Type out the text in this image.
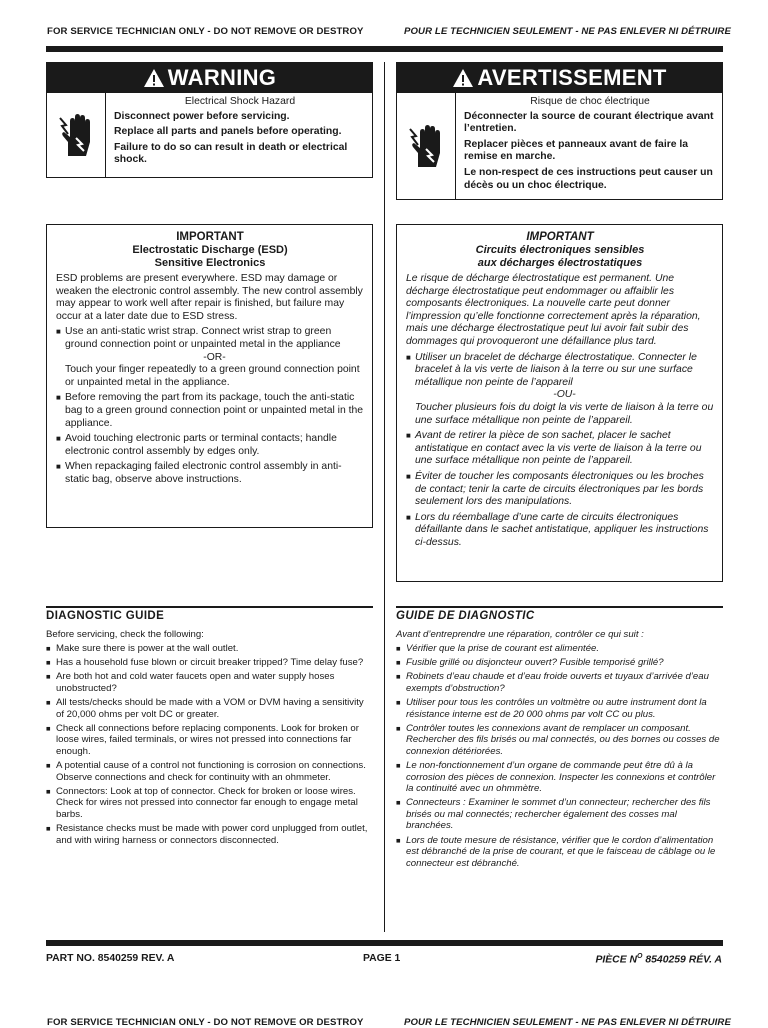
FOR SERVICE TECHNICIAN ONLY - DO NOT REMOVE OR DESTROY	POUR LE TECHNICIEN SEULEMENT - NE PAS ENLEVER NI DÉTRUIRE
WARNING
Electrical Shock Hazard

Disconnect power before servicing.

Replace all parts and panels before operating.

Failure to do so can result in death or electrical shock.

AVERTISSEMENT
Risque de choc électrique

Déconnecter la source de courant électrique avant l’entretien.

Replacer pièces et panneaux avant de faire la remise en marche.

Le non-respect de ces instructions peut causer un décès ou un choc électrique.

IMPORTANT
Electrostatic Discharge (ESD)
Sensitive Electronics

ESD problems are present everywhere. ESD may damage or weaken the electronic control assembly. The new control assembly may appear to work well after repair is finished, but failure may occur at a later date due to ESD stress.

■ Use an anti-static wrist strap. Connect wrist strap to green ground connection point or unpainted metal in the appliance
-OR-
Touch your finger repeatedly to a green ground connection point or unpainted metal in the appliance.
■ Before removing the part from its package, touch the anti-static bag to a green ground connection point or unpainted metal in the appliance.
■ Avoid touching electronic parts or terminal contacts; handle electronic control assembly by edges only.
■ When repackaging failed electronic control assembly in anti-static bag, observe above instructions.
IMPORTANT
Circuits électroniques sensibles
aux décharges électrostatiques

Le risque de décharge électrostatique est permanent. Une décharge électrostatique peut endommager ou affaiblir les composants électroniques. La nouvelle carte peut donner l’impression qu’elle fonctionne correctement après la réparation, mais une décharge électrostatique peut lui avoir fait subir des dommages qui provoqueront une défaillance plus tard.

■ Utiliser un bracelet de décharge électrostatique. Connecter le bracelet à la vis verte de liaison à la terre ou sur une surface métallique non peinte de l’appareil
-OU-
Toucher plusieurs fois du doigt la vis verte de liaison à la terre ou une surface métallique non peinte de l’appareil.
■ Avant de retirer la pièce de son sachet, placer le sachet antistatique en contact avec la vis verte de liaison à la terre ou une surface métallique non peinte de l’appareil.
■ Éviter de toucher les composants électroniques ou les broches de contact; tenir la carte de circuits électroniques par les bords seulement lors des manipulations.
■ Lors du réemballage d’une carte de circuits électroniques défaillante dans le sachet antistatique, appliquer les instructions ci-dessus.
DIAGNOSTIC GUIDE
Before servicing, check the following:
■ Make sure there is power at the wall outlet.
■ Has a household fuse blown or circuit breaker tripped? Time delay fuse?
■ Are both hot and cold water faucets open and water supply hoses unobstructed?
■ All tests/checks should be made with a VOM or DVM having a sensitivity of 20,000 ohms per volt DC or greater.
■ Check all connections before replacing components. Look for broken or loose wires, failed terminals, or wires not pressed into connections far enough.
■ A potential cause of a control not functioning is corrosion on connections. Observe connections and check for continuity with an ohmmeter.
■ Connectors: Look at top of connector. Check for broken or loose wires. Check for wires not pressed into connector far enough to engage metal barbs.
■ Resistance checks must be made with power cord unplugged from outlet, and with wiring harness or connectors disconnected.
GUIDE DE DIAGNOSTIC
Avant d’entreprendre une réparation, contrôler ce qui suit :
■ Vérifier que la prise de courant est alimentée.
■ Fusible grillé ou disjoncteur ouvert? Fusible temporisé grillé?
■ Robinets d’eau chaude et d’eau froide ouverts et tuyaux d’arrivée d’eau exempts d’obstruction?
■ Utiliser pour tous les contrôles un voltmètre ou autre instrument dont la résistance interne est de 20 000 ohms par volt CC ou plus.
■ Contrôler toutes les connexions avant de remplacer un composant. Rechercher des fils brisés ou mal connectés, ou des bornes ou cosses de connexion détériorées.
■ Le non-fonctionnement d’un organe de commande peut être dû à la corrosion des pièces de connexion. Inspecter les connexions et contrôler la continuité avec un ohmmètre.
■ Connecteurs : Examiner le sommet d’un connecteur; rechercher des fils brisés ou mal connectés; rechercher également des cosses mal branchées.
■ Lors de toute mesure de résistance, vérifier que le cordon d’alimentation est débranché de la prise de courant, et que le faisceau de câblage ou le connecteur est débranché.
PART NO. 8540259 REV. A	PAGE 1	PIÈCE $N^O$ 8540259 RÉV. A
FOR SERVICE TECHNICIAN ONLY - DO NOT REMOVE OR DESTROY	POUR LE TECHNICIEN SEULEMENT - NE PAS ENLEVER NI DÉTRUIRE
